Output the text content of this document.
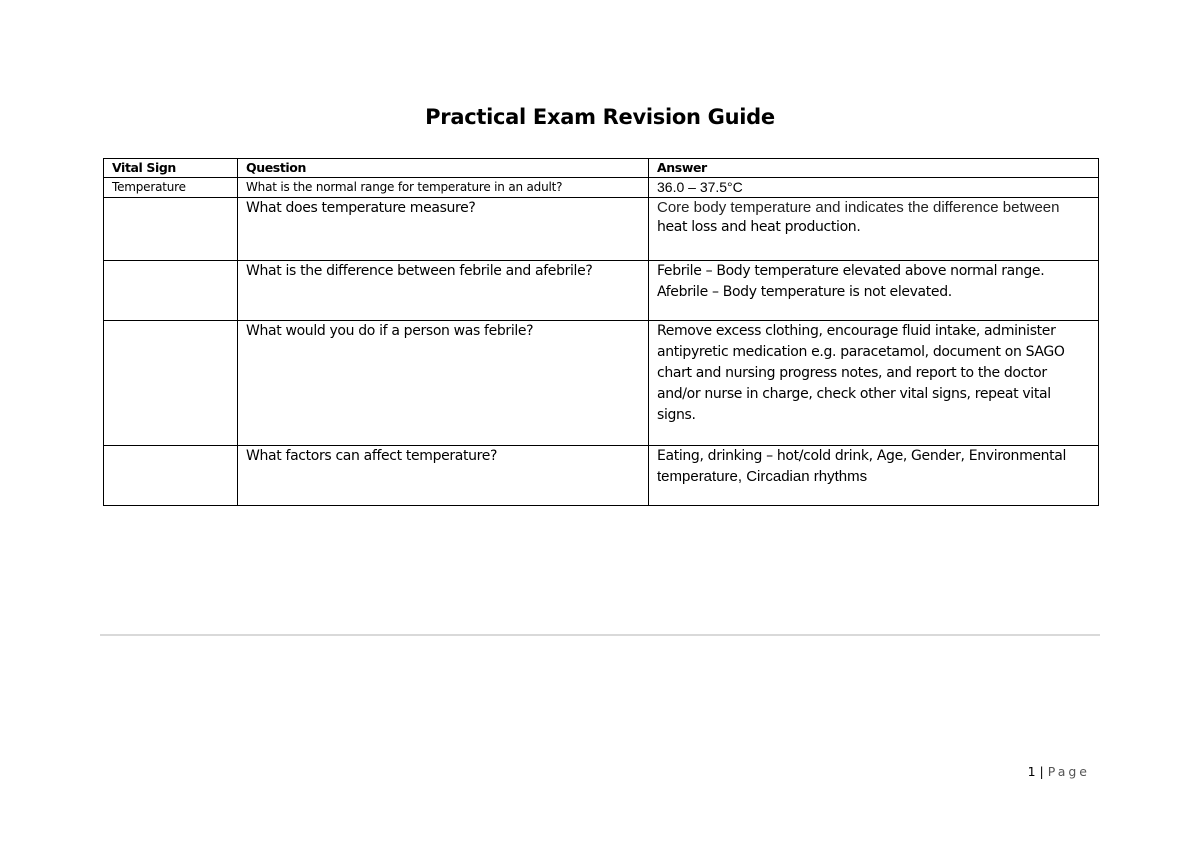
Practical Exam Revision Guide
Vital Sign	Question	Answer
Temperature	What is the normal range for temperature in an adult?	36.0 – 37.5°C
	What does temperature measure?	Core body temperature and indicates the difference between
heat loss and heat production.

	What is the difference between febrile and afebrile?	Febrile – Body temperature elevated above normal range.
Afebrile – Body temperature is not elevated.

	What would you do if a person was febrile?	Remove excess clothing, encourage fluid intake, administer antipyretic medication e.g. paracetamol, document on SAGO chart and nursing progress notes, and report to the doctor and/or nurse in charge, check other vital signs, repeat vital signs.
	What factors can affect temperature?	Eating, drinking – hot/cold drink, Age, Gender, Environmental
temperature, Circadian rhythms
1 | Page
